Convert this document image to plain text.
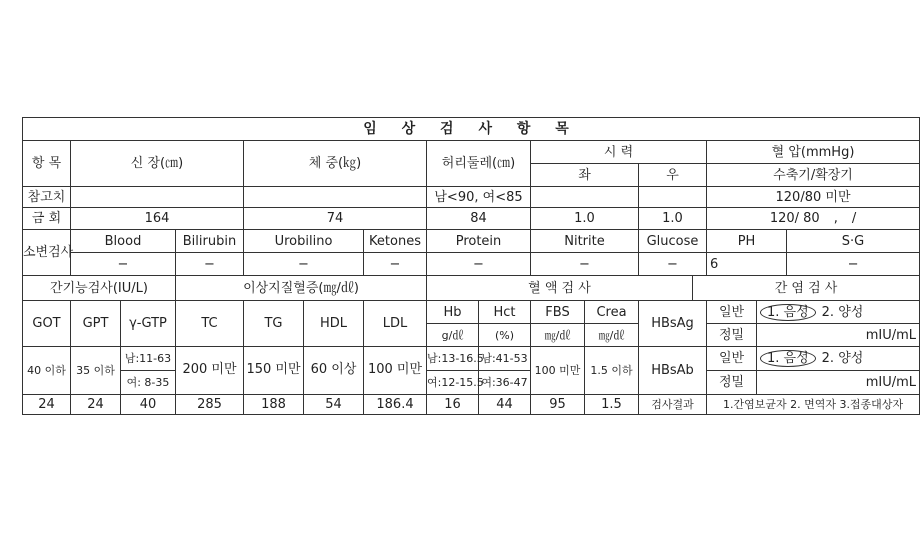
임 상 검 사 항 목																
항 목	신 장(㎝)			체 중(㎏)			허리둘레(㎝)		시 력				혈 압(mmHg)			
									좌		우		수축기/확장기			
참고치							남<90, 여<85						120/80 미만			
금 회	164			74			84		1.0		1.0		120/ 80 , /			
소변검사	Blood		Bilirubin	Urobilino		Ketones	Protein		Nitrite		Glucose		PH		S·G	
	−		−	−		−	−		−		−		6		−	
간기능검사(IU/L)			이상지질혈증(㎎/㎗)				혈 액 검 사					간 염 검 사				
GOT	GPT	γ-GTP	TC	TG	HDL	LDL	Hb	Hct	FBS	Crea	HBsAg		일반	1. 음성 2. 양성		
							g/㎗	(%)	㎎/㎗	㎎/㎗			정밀	mIU/mL		
40 이하	35 이하	남:11-63	200 미만	150 미만	60 이상	100 미만	남:13-16.5	남:41-53	100 미만	1.5 이하	HBsAb		일반	1. 음성 2. 양성		
		여: 8-35					여:12-15.5	여:36-47					정밀	mIU/mL		
24	24	40	285	188	54	186.4	16	44	95	1.5	검사결과		1.간염보균자 2. 면역자 3.접종대상자			
